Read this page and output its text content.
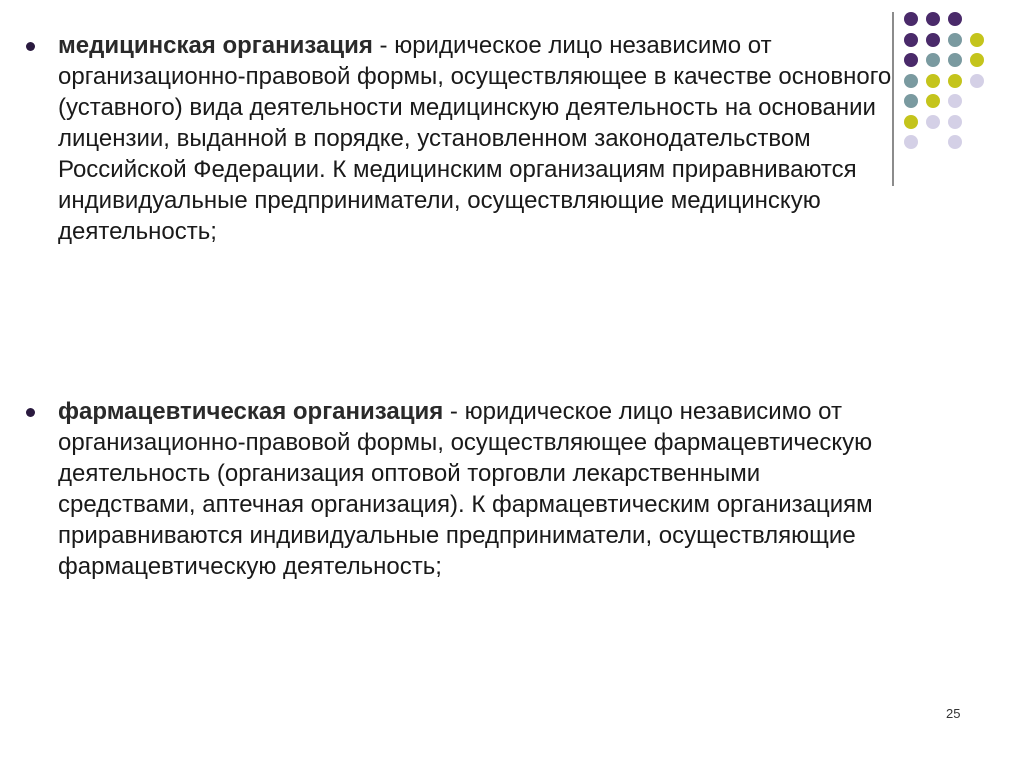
медицинская организация - юридическое лицо независимо от организационно-правовой формы, осуществляющее в качестве основного (уставного) вида деятельности медицинскую деятельность на основании лицензии, выданной в порядке, установленном законодательством Российской Федерации. К медицинским организациям приравниваются индивидуальные предприниматели, осуществляющие медицинскую деятельность;

фармацевтическая организация - юридическое лицо независимо от организационно-правовой формы, осуществляющее фармацевтическую деятельность (организация оптовой торговли лекарственными средствами, аптечная организация). К фармацевтическим организациям приравниваются индивидуальные предприниматели, осуществляющие фармацевтическую деятельность;

25
